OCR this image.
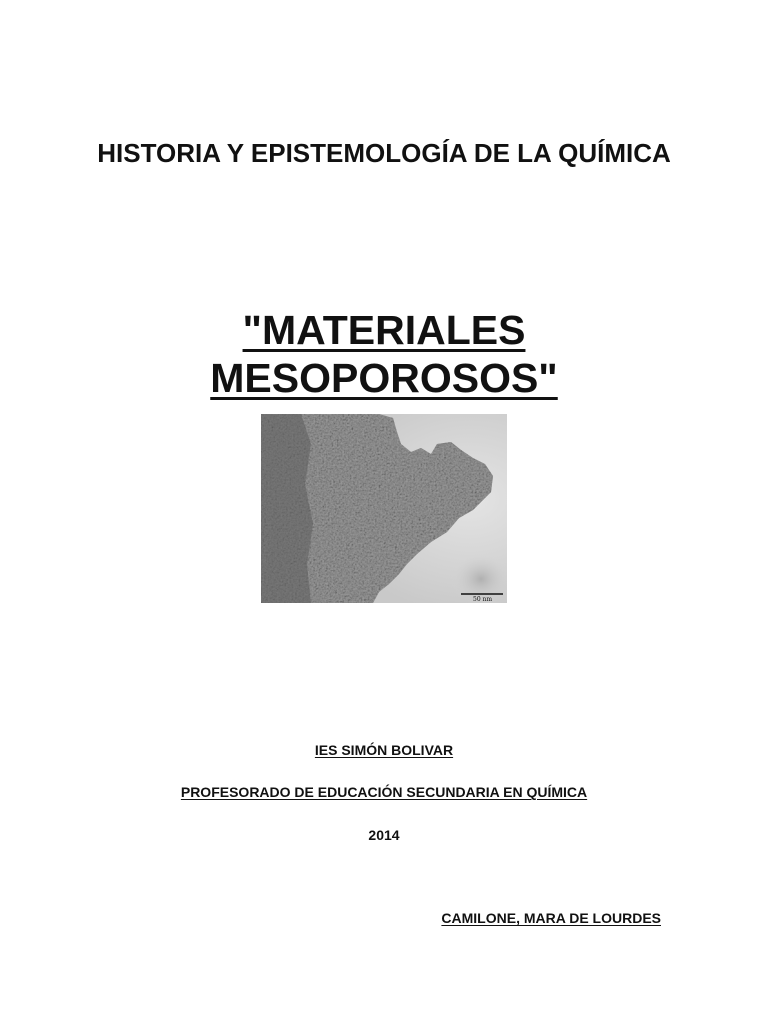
HISTORIA Y EPISTEMOLOGÍA DE LA QUÍMICA
"MATERIALES MESOPOROSOS"
50 nm
IES SIMÓN BOLIVAR
PROFESORADO DE EDUCACIÓN SECUNDARIA EN QUÍMICA
2014
CAMILONE, MARA DE LOURDES
